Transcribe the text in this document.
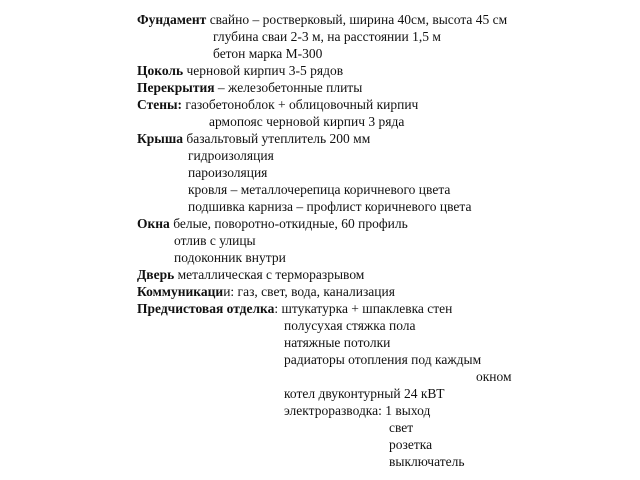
Фундамент свайно – ростверковый, ширина 40см, высота 45 см
глубина сваи 2-3 м, на расстоянии 1,5 м
бетон марка М-300
Цоколь черновой кирпич 3-5 рядов
Перекрытия – железобетонные плиты
Стены: газобетоноблок + облицовочный кирпич
армопояс черновой кирпич 3 ряда
Крыша базальтовый утеплитель 200 мм
гидроизоляция
пароизоляция
кровля – металлочерепица коричневого цвета
подшивка карниза – профлист коричневого цвета
Окна белые, поворотно-откидные, 60 профиль
отлив с улицы
подоконник внутри
Дверь металлическая с терморазрывом
Коммуникации: газ, свет, вода, канализация
Предчистовая отделка: штукатурка + шпаклевка стен
полусухая стяжка пола
натяжные потолки
радиаторы отопления под каждым
окном
котел двуконтурный 24 кВТ
электроразводка: 1 выход
свет
розетка
выключатель
